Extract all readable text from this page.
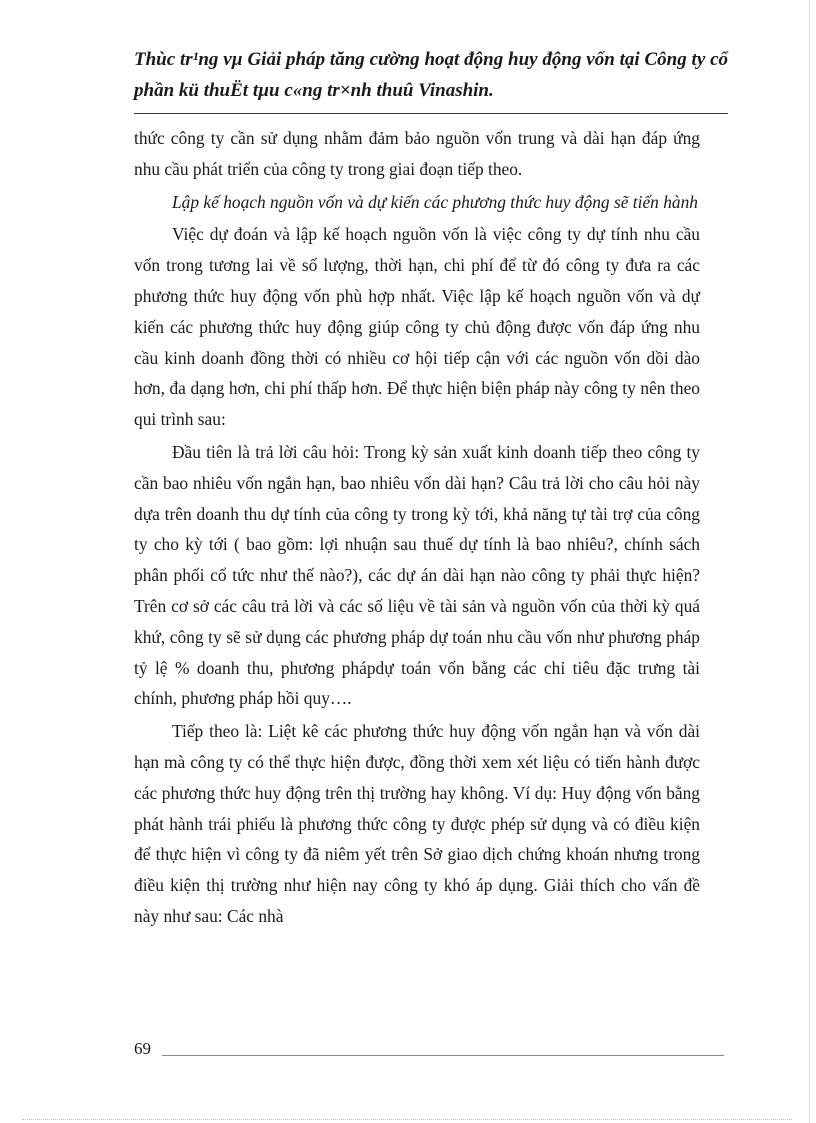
Thùc tr¹ng vµ Giải pháp tăng cường hoạt động huy động vốn tại Công ty cổ phần kü thuËt tµu c«ng tr×nh thuû Vinashin.

thức công ty cần sử dụng nhằm đảm bảo nguồn vốn trung và dài hạn đáp ứng nhu cầu phát triển của công ty trong giai đoạn tiếp theo.

Lập kế hoạch nguồn vốn và dự kiến các phương thức huy động sẽ tiến hành

Việc dự đoán và lập kế hoạch nguồn vốn là việc công ty dự tính nhu cầu vốn trong tương lai về số lượng, thời hạn, chi phí để từ đó công ty đưa ra các phương thức huy động vốn phù hợp nhất. Việc lập kế hoạch nguồn vốn và dự kiến các phương thức huy động giúp công ty chủ động được vốn đáp ứng nhu cầu kinh doanh đồng thời có nhiều cơ hội tiếp cận với các nguồn vốn dồi dào hơn, đa dạng hơn, chi phí thấp hơn. Để thực hiện biện pháp này công ty nên theo qui trình sau:

Đầu tiên là trả lời câu hỏi: Trong kỳ sản xuất kinh doanh tiếp theo công ty cần bao nhiêu vốn ngắn hạn, bao nhiêu vốn dài hạn? Câu trả lời cho câu hỏi này dựa trên doanh thu dự tính của công ty trong kỳ tới, khả năng tự tài trợ của công ty cho kỳ tới ( bao gồm: lợi nhuận sau thuế dự tính là bao nhiêu?, chính sách phân phối cổ tức như thế nào?), các dự án dài hạn nào công ty phải thực hiện? Trên cơ sở các câu trả lời và các số liệu về tài sản và nguồn vốn của thời kỳ quá khứ, công ty sẽ sử dụng các phương pháp dự toán nhu cầu vốn như phương pháp tỷ lệ % doanh thu, phương phápdự toán vốn bằng các chỉ tiêu đặc trưng tài chính, phương pháp hồi quy….

Tiếp theo là: Liệt kê các phương thức huy động vốn ngắn hạn và vốn dài hạn mà công ty có thể thực hiện được, đồng thời xem xét liệu có tiến hành được các phương thức huy động trên thị trường hay không. Ví dụ: Huy động vốn bằng phát hành trái phiếu là phương thức công ty được phép sử dụng và có điều kiện để thực hiện vì công ty đã niêm yết trên Sở giao dịch chứng khoán nhưng trong điều kiện thị trường như hiện nay công ty khó áp dụng. Giải thích cho vấn đề này như sau: Các nhà

69
